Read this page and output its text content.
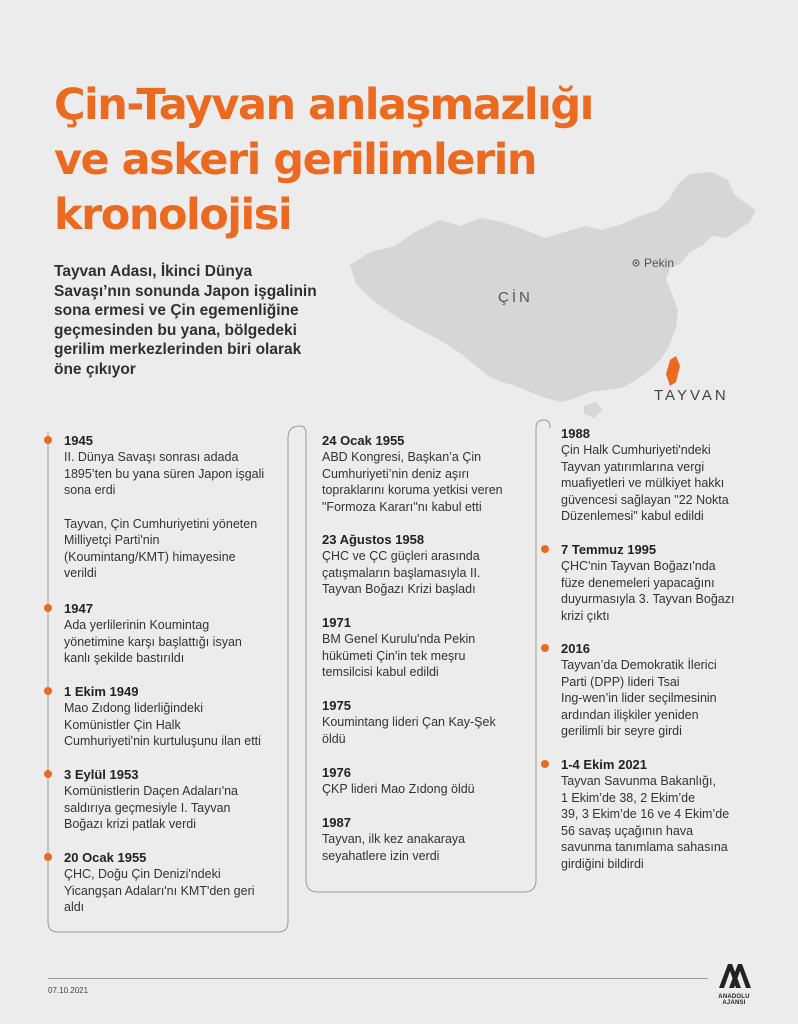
Çin-Tayvan anlaşmazlığı
ve askeri gerilimlerin
kronolojisi
Pekin
ÇİN
TAYVAN
Tayvan Adası, İkinci Dünya
Savaşı’nın sonunda Japon işgalinin
sona ermesi ve Çin egemenliğine
geçmesinden bu yana, bölgedeki
gerilim merkezlerinden biri olarak
öne çıkıyor
1945
II. Dünya Savaşı sonrası adada
1895’ten bu yana süren Japon işgali
sona erdi
Tayvan, Çin Cumhuriyetini yöneten
Milliyetçi Parti'nin
(Koumintang/KMT) himayesine
verildi
1947
Ada yerlilerinin Koumintag
yönetimine karşı başlattığı isyan
kanlı şekilde bastırıldı
1 Ekim 1949
Mao Zıdong liderliğindeki
Komünistler Çin Halk
Cumhuriyeti'nin kurtuluşunu ilan etti
3 Eylül 1953
Komünistlerin Daçen Adaları'na
saldırıya geçmesiyle I. Tayvan
Boğazı krizi patlak verdi
20 Ocak 1955
ÇHC, Doğu Çin Denizi'ndeki
Yicangşan Adaları'nı KMT'den geri
aldı
24 Ocak 1955
ABD Kongresi, Başkan’a Çin
Cumhuriyeti’nin deniz aşırı
topraklarını koruma yetkisi veren
"Formoza Kararı"nı kabul etti
23 Ağustos 1958
ÇHC ve ÇC güçleri arasında
çatışmaların başlamasıyla II.
Tayvan Boğazı Krizi başladı
1971
BM Genel Kurulu'nda Pekin
hükümeti Çin'in tek meşru
temsilcisi kabul edildi
1975
Koumintang lideri Çan Kay-Şek
öldü
1976
ÇKP lideri Mao Zıdong öldü
1987
Tayvan, ilk kez anakaraya
seyahatlere izin verdi
1988
Çin Halk Cumhuriyeti'ndeki
Tayvan yatırımlarına vergi
muafiyetleri ve mülkiyet hakkı
güvencesi sağlayan "22 Nokta
Düzenlemesi" kabul edildi
7 Temmuz 1995
ÇHC'nin Tayvan Boğazı'nda
füze denemeleri yapacağını
duyurmasıyla 3. Tayvan Boğazı
krizi çıktı
2016
Tayvan’da Demokratik İlerici
Parti (DPP) lideri Tsai
Ing-wen’in lider seçilmesinin
ardından ilişkiler yeniden
gerilimli bir seyre girdi
1-4 Ekim 2021
Tayvan Savunma Bakanlığı,
1 Ekim’de 38, 2 Ekim’de
39, 3 Ekim’de 16 ve 4 Ekim’de
56 savaş uçağının hava
savunma tanımlama sahasına
girdiğini bildirdi
07.10.2021
ANADOLU AJANSI
